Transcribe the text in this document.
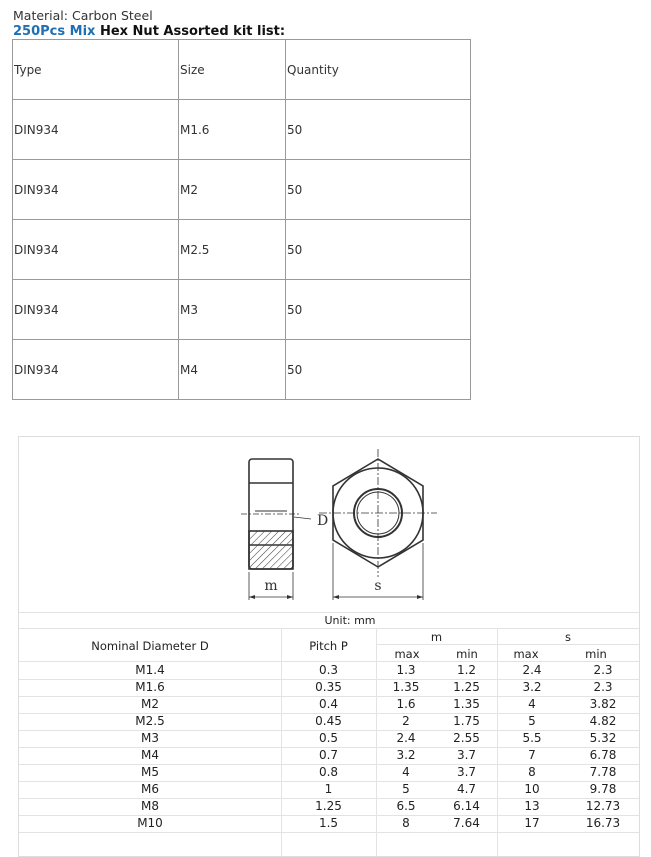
Material: Carbon Steel
250Pcs Mix Hex Nut Assorted kit list:
Type	Size	Quantity
DIN934	M1.6	50
DIN934	M2	50
DIN934	M2.5	50
DIN934	M3	50
DIN934	M4	50
D
m	s
Unit: mm
Nominal Diameter D	Pitch P
m	s
max	min	max	min
M1.4	0.3	1.3	1.2	2.4	2.3
M1.6	0.35	1.35	1.25	3.2	2.3
M2	0.4	1.6	1.35	4	3.82
M2.5	0.45	2	1.75	5	4.82
M3	0.5	2.4	2.55	5.5	5.32
M4	0.7	3.2	3.7	7	6.78
M5	0.8	4	3.7	8	7.78
M6	1	5	4.7	10	9.78
M8	1.25	6.5	6.14	13	12.73
M10	1.5	8	7.64	17	16.73
